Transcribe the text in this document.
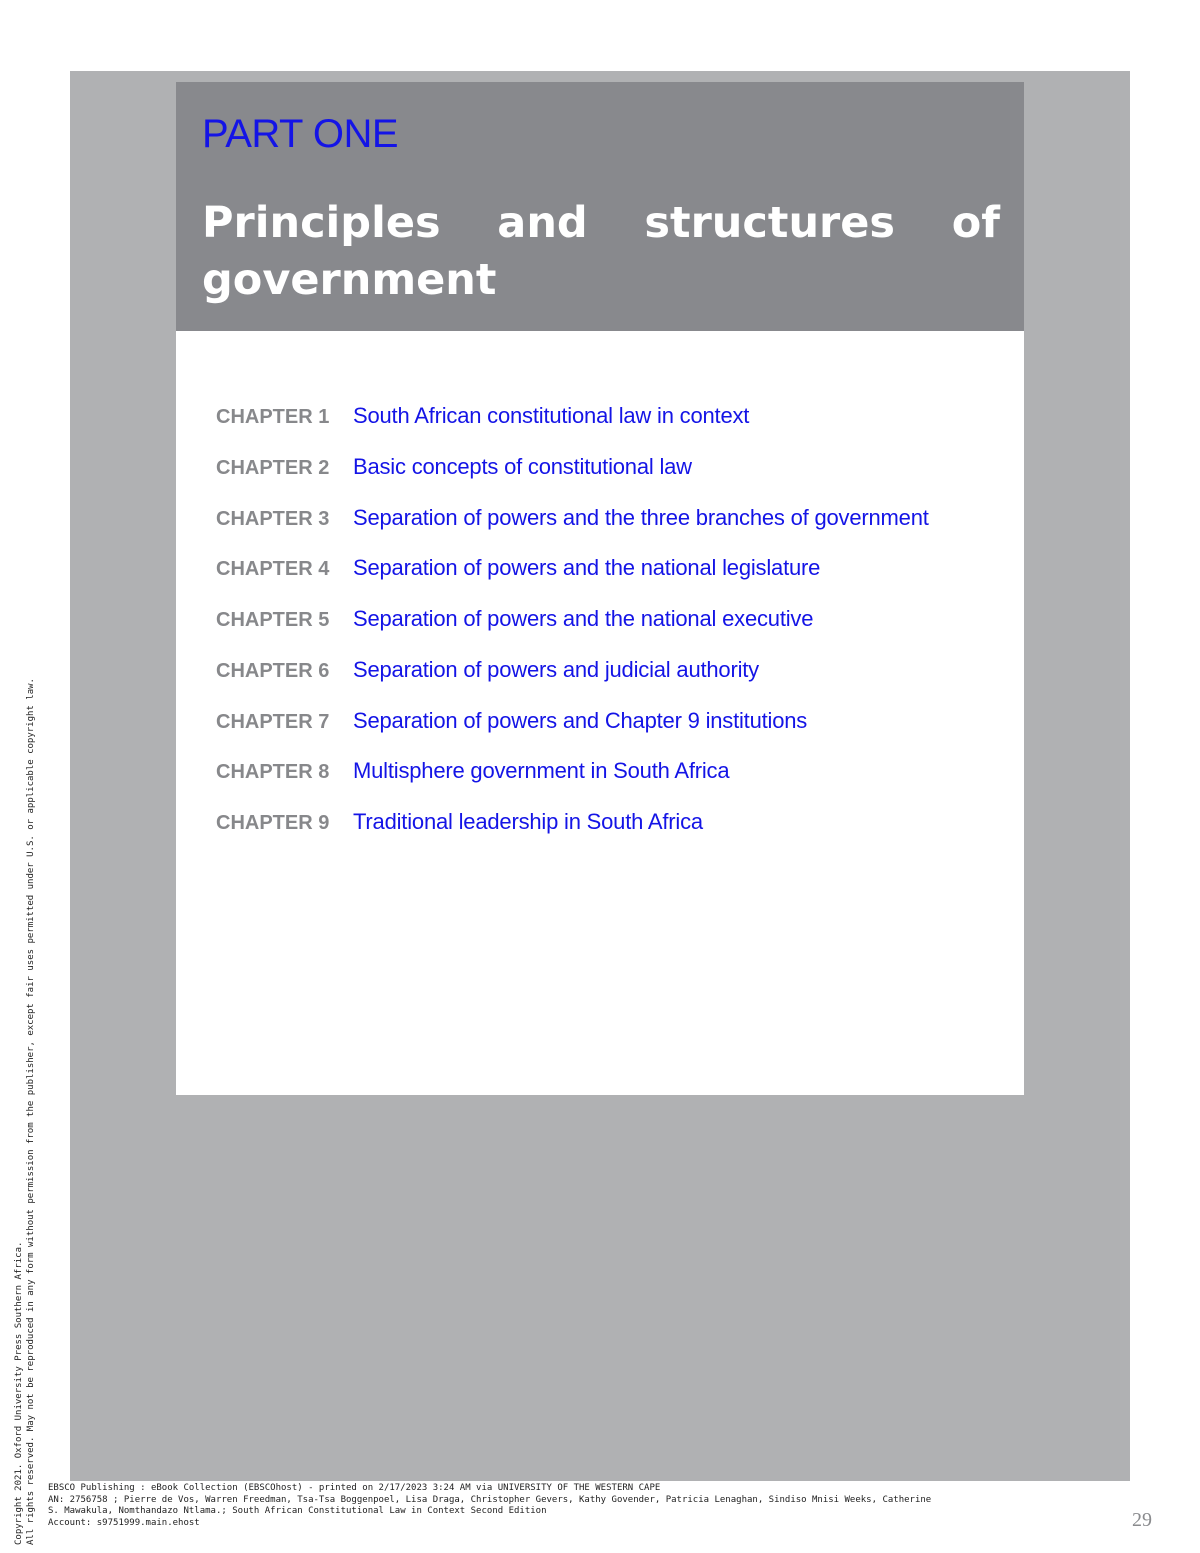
PART ONE
Principles and structures of government
CHAPTER 1	South African constitutional law in context
CHAPTER 2	Basic concepts of constitutional law
CHAPTER 3	Separation of powers and the three branches of government
CHAPTER 4	Separation of powers and the national legislature
CHAPTER 5	Separation of powers and the national executive
CHAPTER 6	Separation of powers and judicial authority
CHAPTER 7	Separation of powers and Chapter 9 institutions
CHAPTER 8	Multisphere government in South Africa
CHAPTER 9	Traditional leadership in South Africa
Copyright 2021. Oxford University Press Southern Africa. All rights reserved. May not be reproduced in any form without permission from the publisher, except fair uses permitted under U.S. or applicable copyright law. EBSCO Publishing : eBook Collection (EBSCOhost) - printed on 2/17/2023 3:24 AM via UNIVERSITY OF THE WESTERN CAPE
AN: 2756758 ; Pierre de Vos, Warren Freedman, Tsa-Tsa Boggenpoel, Lisa Draga, Christopher Gevers, Kathy Govender, Patricia Lenaghan, Sindiso Mnisi Weeks, Catherine
S. Mawakula, Nomthandazo Ntlama.; South African Constitutional Law in Context Second Edition
Account: s9751999.main.ehost	29
